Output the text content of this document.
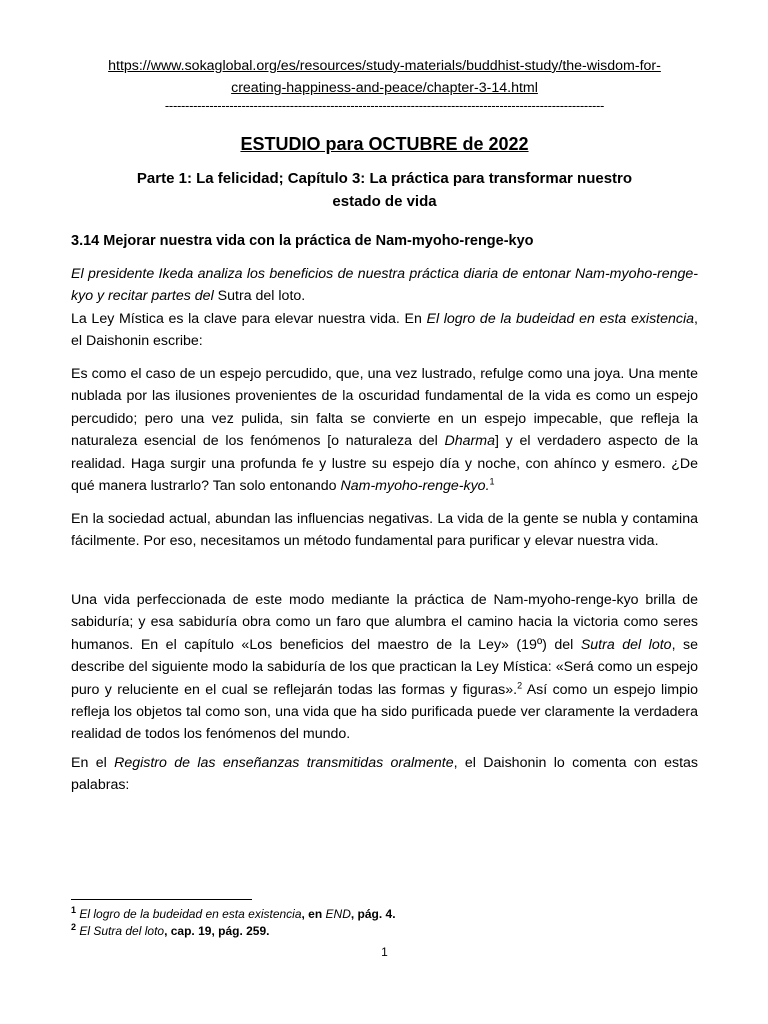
https://www.sokaglobal.org/es/resources/study-materials/buddhist-study/the-wisdom-for-
creating-happiness-and-peace/chapter-3-14.html
-------------------------------------------------------------------------------------------------------------
ESTUDIO para OCTUBRE de 2022
Parte 1: La felicidad; Capítulo 3: La práctica para transformar nuestro estado de vida
3.14 Mejorar nuestra vida con la práctica de Nam-myoho-renge-kyo

El presidente Ikeda analiza los beneficios de nuestra práctica diaria de entonar Nam-myoho-renge-kyo y recitar partes del Sutra del loto.

La Ley Mística es la clave para elevar nuestra vida. En El logro de la budeidad en esta existencia, el Daishonin escribe:

Es como el caso de un espejo percudido, que, una vez lustrado, refulge como una joya. Una mente nublada por las ilusiones provenientes de la oscuridad fundamental de la vida es como un espejo percudido; pero una vez pulida, sin falta se convierte en un espejo impecable, que refleja la naturaleza esencial de los fenómenos [o naturaleza del Dharma] y el verdadero aspecto de la realidad. Haga surgir una profunda fe y lustre su espejo día y noche, con ahínco y esmero. ¿De qué manera lustrarlo? Tan solo entonando Nam-myoho-renge-kyo.$^1$
En la sociedad actual, abundan las influencias negativas. La vida de la gente se nubla y contamina fácilmente. Por eso, necesitamos un método fundamental para purificar y elevar nuestra vida.
Una vida perfeccionada de este modo mediante la práctica de Nam-myoho-renge-kyo brilla de sabiduría; y esa sabiduría obra como un faro que alumbra el camino hacia la victoria como seres humanos. En el capítulo «Los beneficios del maestro de la Ley» (19º) del Sutra del loto, se describe del siguiente modo la sabiduría de los que practican la Ley Mística: «Será como un espejo puro y reluciente en el cual se reflejarán todas las formas y figuras».$^2$ Así como un espejo limpio refleja los objetos tal como son, una vida que ha sido purificada puede ver claramente la verdadera realidad de todos los fenómenos del mundo.
En el Registro de las enseñanzas transmitidas oralmente, el Daishonin lo comenta con estas palabras:
$^1$ El logro de la budeidad en esta existencia, en END, pág. 4.
$^2$ El Sutra del loto, cap. 19, pág. 259.
1
